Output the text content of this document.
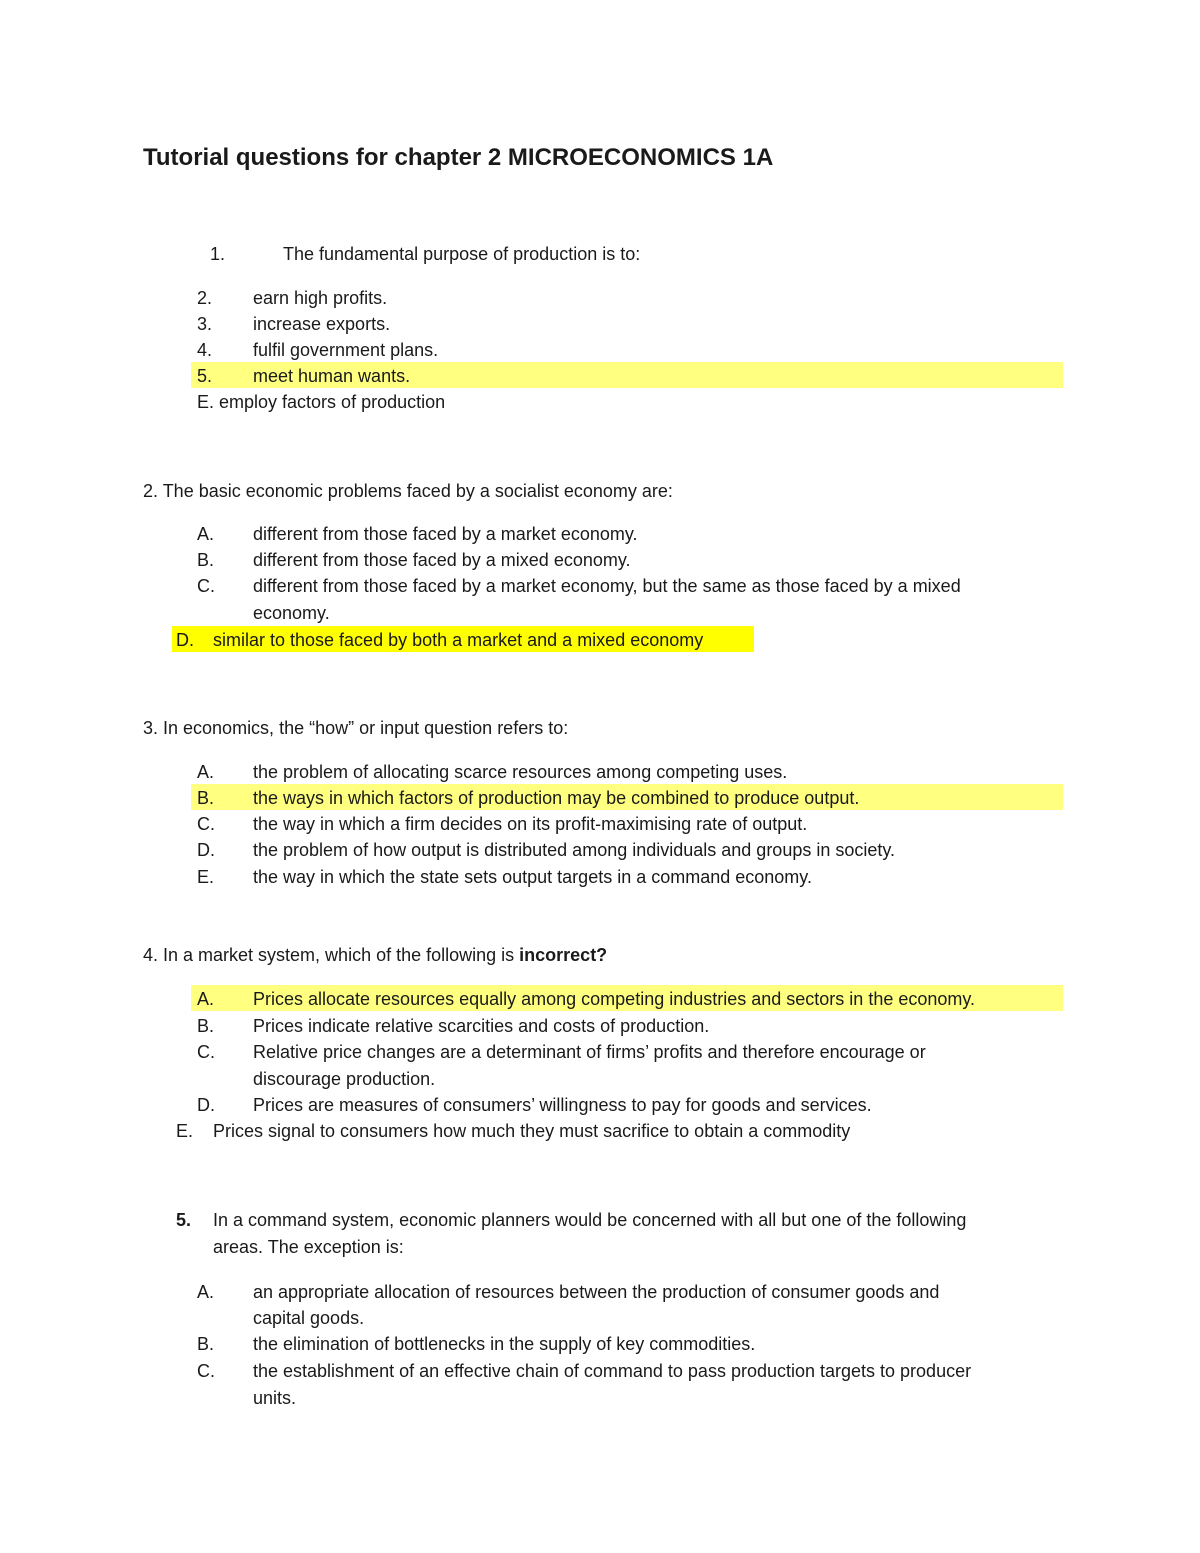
Tutorial questions for chapter 2 MICROECONOMICS 1A
1.	The fundamental purpose of production is to:
2. earn high profits.
3. increase exports.
4. fulfil government plans.
5. meet human wants.
E. employ factors of production
2. The basic economic problems faced by a socialist economy are:
A. different from those faced by a market economy.
B. different from those faced by a mixed economy.
C. different from those faced by a market economy, but the same as those faced by a mixed
economy.
D. similar to those faced by both a market and a mixed economy
3. In economics, the “how” or input question refers to:
A. the problem of allocating scarce resources among competing uses.
B. the ways in which factors of production may be combined to produce output.
C. the way in which a firm decides on its profit-maximising rate of output.
D. the problem of how output is distributed among individuals and groups in society.
E. the way in which the state sets output targets in a command economy.
4. In a market system, which of the following is incorrect?
A. Prices allocate resources equally among competing industries and sectors in the economy.
B. Prices indicate relative scarcities and costs of production.
C. Relative price changes are a determinant of firms’ profits and therefore encourage or
discourage production.
D. Prices are measures of consumers’ willingness to pay for goods and services.
E. Prices signal to consumers how much they must sacrifice to obtain a commodity
5. In a command system, economic planners would be concerned with all but one of the following
areas. The exception is:
A. an appropriate allocation of resources between the production of consumer goods and
capital goods.
B. the elimination of bottlenecks in the supply of key commodities.
C. the establishment of an effective chain of command to pass production targets to producer
units.
